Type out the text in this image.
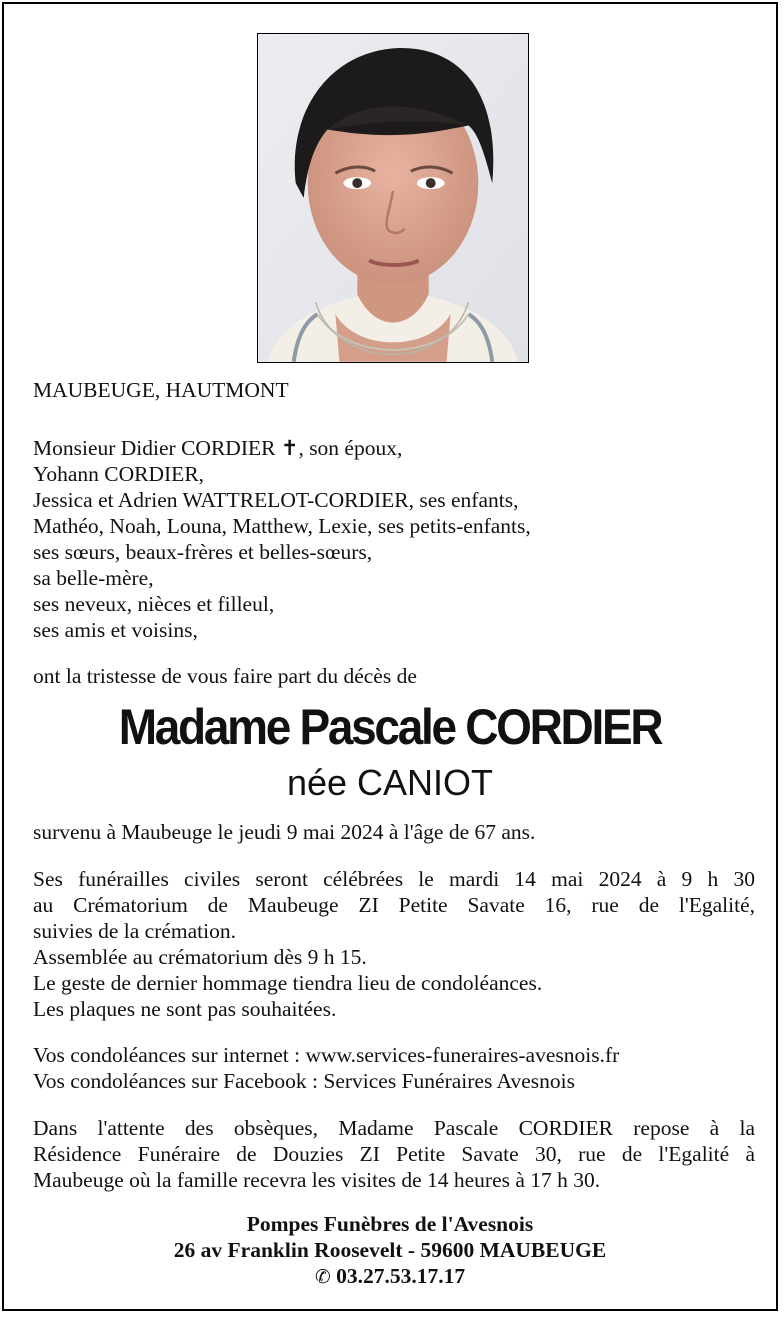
MAUBEUGE, HAUTMONT
Monsieur Didier CORDIER ✝, son époux,
Yohann CORDIER,
Jessica et Adrien WATTRELOT-CORDIER, ses enfants,
Mathéo, Noah, Louna, Matthew, Lexie, ses petits-enfants,
ses sœurs, beaux-frères et belles-sœurs,
sa belle-mère,
ses neveux, nièces et filleul,
ses amis et voisins,
ont la tristesse de vous faire part du décès de
Madame Pascale CORDIER
née CANIOT
survenu à Maubeuge le jeudi 9 mai 2024 à l'âge de 67 ans.
Ses funérailles civiles seront célébrées le mardi 14 mai 2024 à 9 h 30
au Crématorium de Maubeuge ZI Petite Savate 16, rue de l'Egalité,
suivies de la crémation.
Assemblée au crématorium dès 9 h 15.
Le geste de dernier hommage tiendra lieu de condoléances.
Les plaques ne sont pas souhaitées.
Vos condoléances sur internet : www.services-funeraires-avesnois.fr
Vos condoléances sur Facebook : Services Funéraires Avesnois
Dans l'attente des obsèques, Madame Pascale CORDIER repose à la
Résidence Funéraire de Douzies ZI Petite Savate 30, rue de l'Egalité à
Maubeuge où la famille recevra les visites de 14 heures à 17 h 30.
Pompes Funèbres de l'Avesnois
26 av Franklin Roosevelt - 59600 MAUBEUGE
✆ 03.27.53.17.17
